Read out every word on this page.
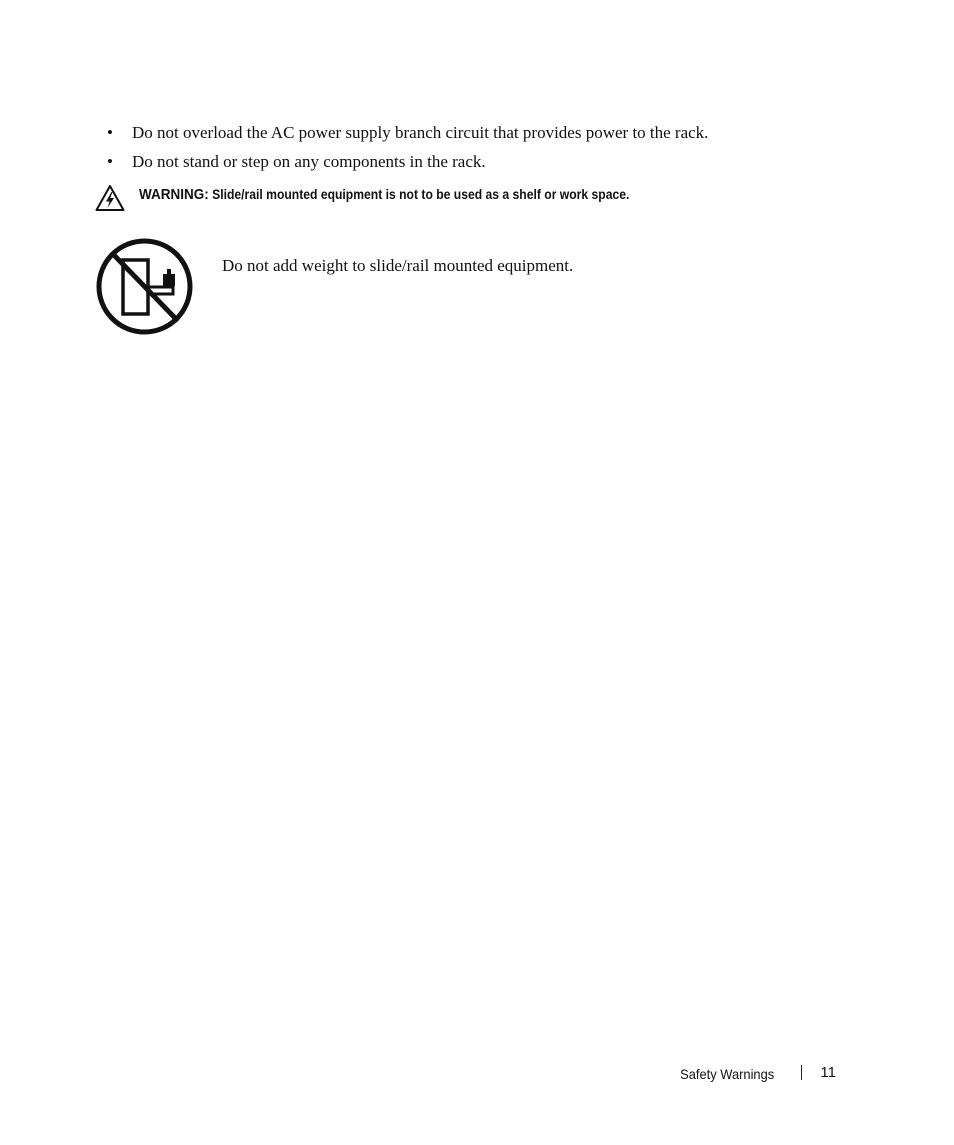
• Do not overload the AC power supply branch circuit that provides power to the rack.
• Do not stand or step on any components in the rack.
WARNING: Slide/rail mounted equipment is not to be used as a shelf or work space.
Do not add weight to slide/rail mounted equipment.
Safety Warnings	11
